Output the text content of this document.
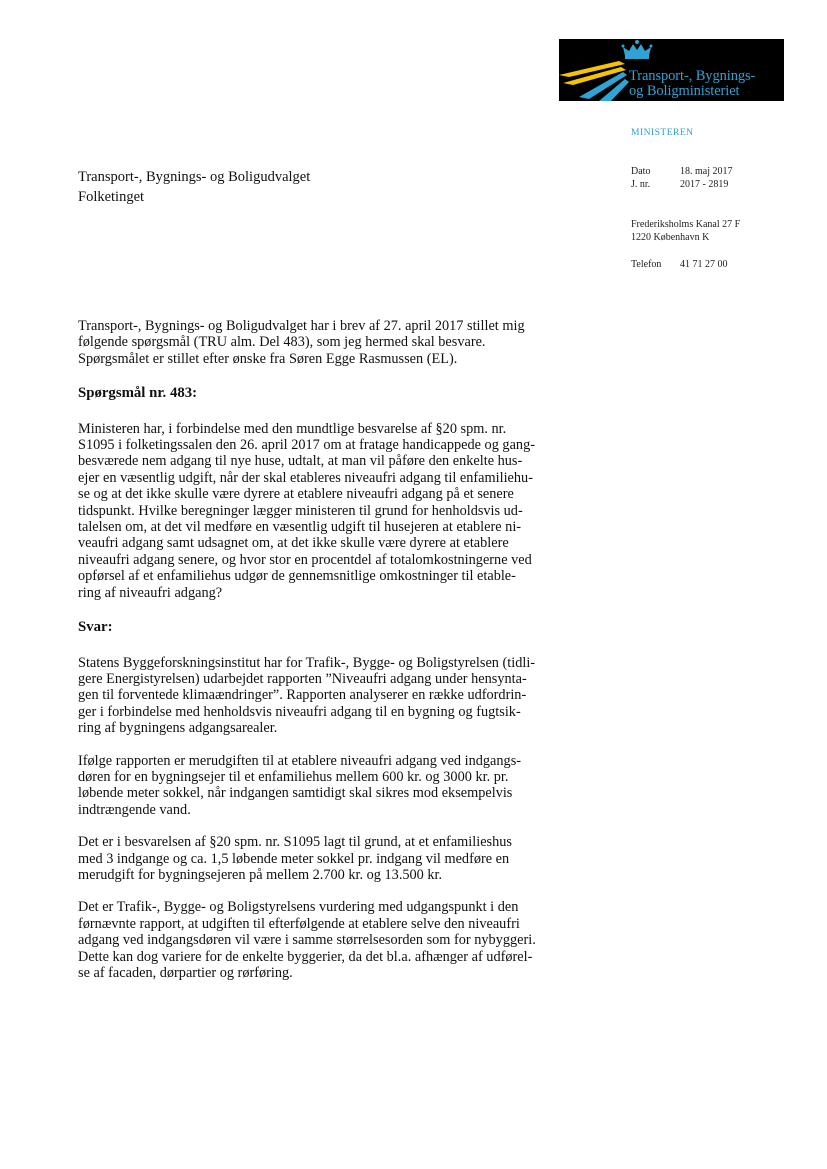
Transport-, Bygnings-
og Boligministeriet
MINISTEREN
Dato	18. maj 2017
J. nr.	2017 - 2819
Frederiksholms Kanal 27 F
1220 København K
Telefon 41 71 27 00
Transport-, Bygnings- og Boligudvalget
Folketinget

Transport-, Bygnings- og Boligudvalget har i brev af 27. april 2017 stillet mig
følgende spørgsmål (TRU alm. Del 483), som jeg hermed skal besvare.
Spørgsmålet er stillet efter ønske fra Søren Egge Rasmussen (EL).

Spørgsmål nr. 483:

Ministeren har, i forbindelse med den mundtlige besvarelse af §20 spm. nr.
S1095 i folketingssalen den 26. april 2017 om at fratage handicappede og gang-
besværede nem adgang til nye huse, udtalt, at man vil påføre den enkelte hus-
ejer en væsentlig udgift, når der skal etableres niveaufri adgang til enfamiliehu-
se og at det ikke skulle være dyrere at etablere niveaufri adgang på et senere
tidspunkt. Hvilke beregninger lægger ministeren til grund for henholdsvis ud-
talelsen om, at det vil medføre en væsentlig udgift til husejeren at etablere ni-
veaufri adgang samt udsagnet om, at det ikke skulle være dyrere at etablere
niveaufri adgang senere, og hvor stor en procentdel af totalomkostningerne ved
opførsel af et enfamiliehus udgør de gennemsnitlige omkostninger til etable-
ring af niveaufri adgang?

Svar:

Statens Byggeforskningsinstitut har for Trafik-, Bygge- og Boligstyrelsen (tidli-
gere Energistyrelsen) udarbejdet rapporten ”Niveaufri adgang under hensynta-
gen til forventede klimaændringer”. Rapporten analyserer en række udfordrin-
ger i forbindelse med henholdsvis niveaufri adgang til en bygning og fugtsik-
ring af bygningens adgangsarealer.

Ifølge rapporten er merudgiften til at etablere niveaufri adgang ved indgangs-
døren for en bygningsejer til et enfamiliehus mellem 600 kr. og 3000 kr. pr.
løbende meter sokkel, når indgangen samtidigt skal sikres mod eksempelvis
indtrængende vand.

Det er i besvarelsen af §20 spm. nr. S1095 lagt til grund, at et enfamilieshus
med 3 indgange og ca. 1,5 løbende meter sokkel pr. indgang vil medføre en
merudgift for bygningsejeren på mellem 2.700 kr. og 13.500 kr.

Det er Trafik-, Bygge- og Boligstyrelsens vurdering med udgangspunkt i den
førnævnte rapport, at udgiften til efterfølgende at etablere selve den niveaufri
adgang ved indgangsdøren vil være i samme størrelsesorden som for nybyggeri.
Dette kan dog variere for de enkelte byggerier, da det bl.a. afhænger af udførel-
se af facaden, dørpartier og rørføring.
